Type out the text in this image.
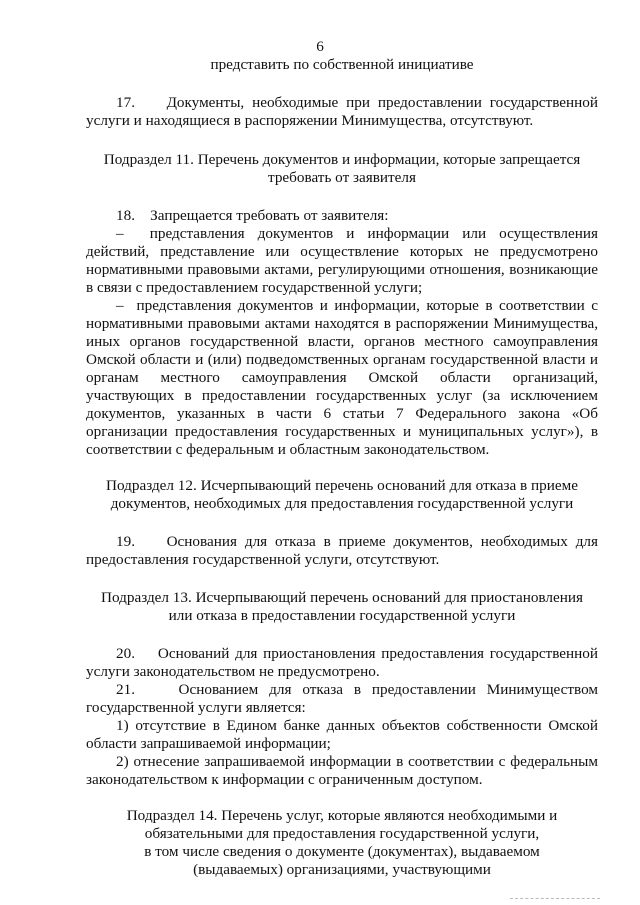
6

представить по собственной инициативе

17.    Документы, необходимые при предоставлении государственной услуги и находящиеся в распоряжении Минимущества, отсутствуют.

Подраздел 11. Перечень документов и информации, которые запрещается
требовать от заявителя

18.    Запрещается требовать от заявителя:

–  представления документов и информации или осуществления действий, представление или осуществление которых не предусмотрено нормативными правовыми актами, регулирующими отношения, возникающие в связи с предоставлением государственной услуги;

–  представления документов и информации, которые в соответствии с нормативными правовыми актами находятся в распоряжении Минимущества, иных органов государственной власти, органов местного самоуправления Омской области и (или) подведомственных органам государственной власти и органам местного самоуправления Омской области организаций, участвующих в предоставлении государственных услуг (за исключением документов, указанных в части 6 статьи 7 Федерального закона «Об организации предоставления государственных и муниципальных услуг»), в соответствии с федеральным и областным законодательством.

Подраздел 12. Исчерпывающий перечень оснований для отказа в приеме
документов, необходимых для предоставления государственной услуги

19.    Основания для отказа в приеме документов, необходимых для предоставления государственной услуги, отсутствуют.

Подраздел 13. Исчерпывающий перечень оснований для приостановления
или отказа в предоставлении государственной услуги

20.    Оснований для приостановления предоставления государственной услуги законодательством не предусмотрено.

21.    Основанием для отказа в предоставлении Минимуществом государственной услуги является:

1) отсутствие в Едином банке данных объектов собственности Омской области запрашиваемой информации;

2) отнесение запрашиваемой информации в соответствии с федеральным законодательством к информации с ограниченным доступом.

Подраздел 14. Перечень услуг, которые являются необходимыми и
обязательными для предоставления государственной услуги,
в том числе сведения о документе (документах), выдаваемом
(выдаваемых) организациями, участвующими
